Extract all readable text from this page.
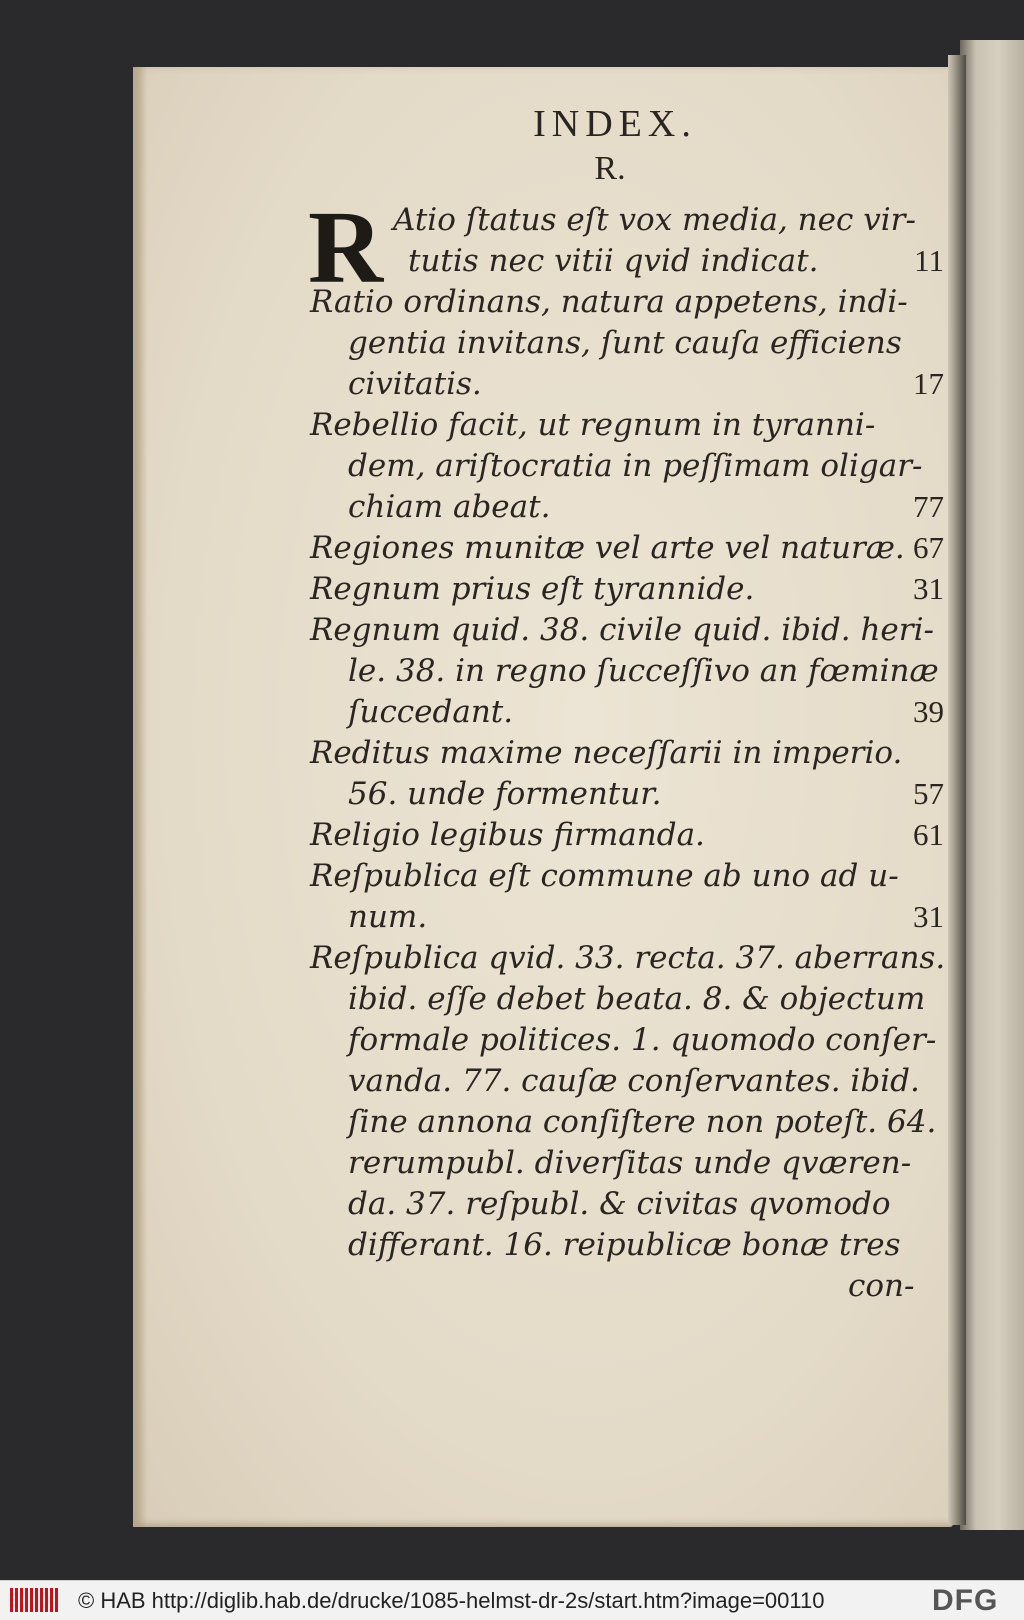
INDEX.
R.
R Atio ſtatus eſt vox media, nec vir-
tutis nec vitii qvid indicat.	11
Ratio ordinans, natura appetens, indi-
gentia invitans, ſunt cauſa efficiens
civitatis.	17
Rebellio facit, ut regnum in tyranni-
dem, ariſtocratia in peſſimam oligar-
chiam abeat.	77
Regiones munitæ vel arte vel naturæ. 67
Regnum prius eſt tyrannide.	31
Regnum quid. 38. civile quid. ibid. heri-
le. 38. in regno ſucceſſivo an fœminæ
ſuccedant.	39
Reditus maxime neceſſarii in imperio.
56. unde formentur.	57
Religio legibus firmanda.	61
Reſpublica eſt commune ab uno ad u-
num.	31
Reſpublica qvid. 33. recta. 37. aberrans.
ibid. eſſe debet beata. 8. & objectum
formale politices. 1. quomodo conſer-
vanda. 77. cauſæ conſervantes. ibid.
ſine annona conſiſtere non poteſt. 64.
rerumpubl. diverſitas unde qværen-
da. 37. reſpubl. & civitas qvomodo
differant. 16. reipublicæ bonæ tres
con-
© HAB http://diglib.hab.de/drucke/1085-helmst-dr-2s/start.htm?image=00110	DFG
